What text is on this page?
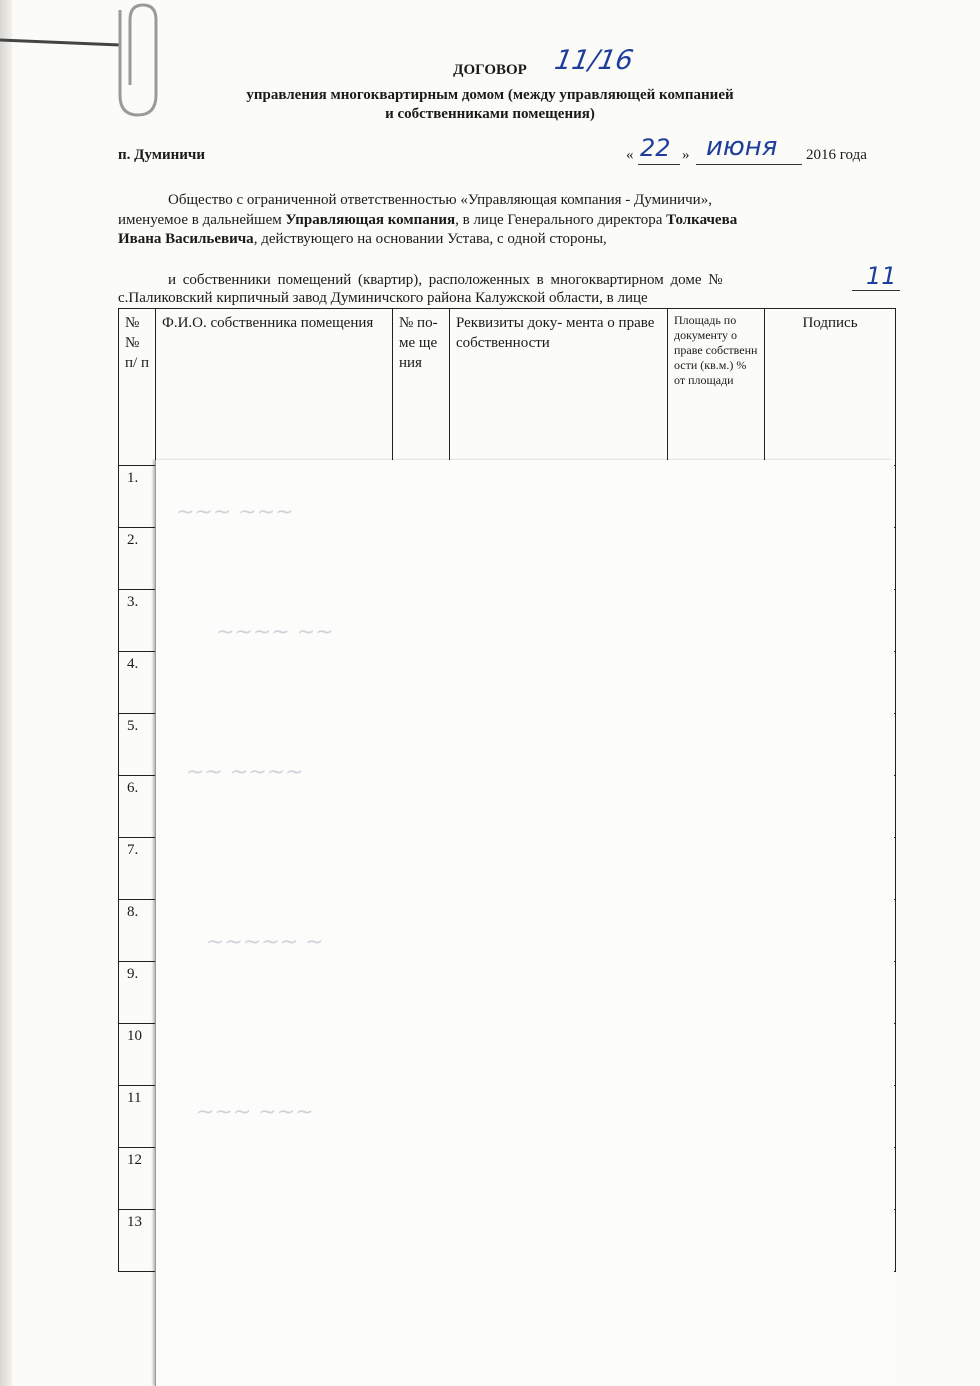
ДОГОВОР 11/16
управления многоквартирным домом (между управляющей компанией
и собственниками помещения)
п. Думиничи	« 22 » июня 2016 года
Общество с ограниченной ответственностью «Управляющая компания - Думиничи»,
именуемое в дальнейшем Управляющая компания, в лице Генерального директора Толкачева
Ивана Васильевича, действующего на основании Устава, с одной стороны,
и собственники помещений (квартир), расположенных в многоквартирном доме №	11
с.Паликовский кирпичный завод Думиничского района Калужской области, в лице
№ № п/ п	Ф.И.О. собственника помещения	№ по- ме ще ния	Реквизиты доку- мента о праве собственности	Площадь по документу о праве собственн ости (кв.м.) % от площади	Подпись
1.					
2.					
3.					
4.					
5.					
6.					
7.					
8.					
9.					
10					
11					
12					
13					
~~~ ~~~
~~~~ ~~
~~ ~~~~
~~~~~ ~
~~~ ~~~
